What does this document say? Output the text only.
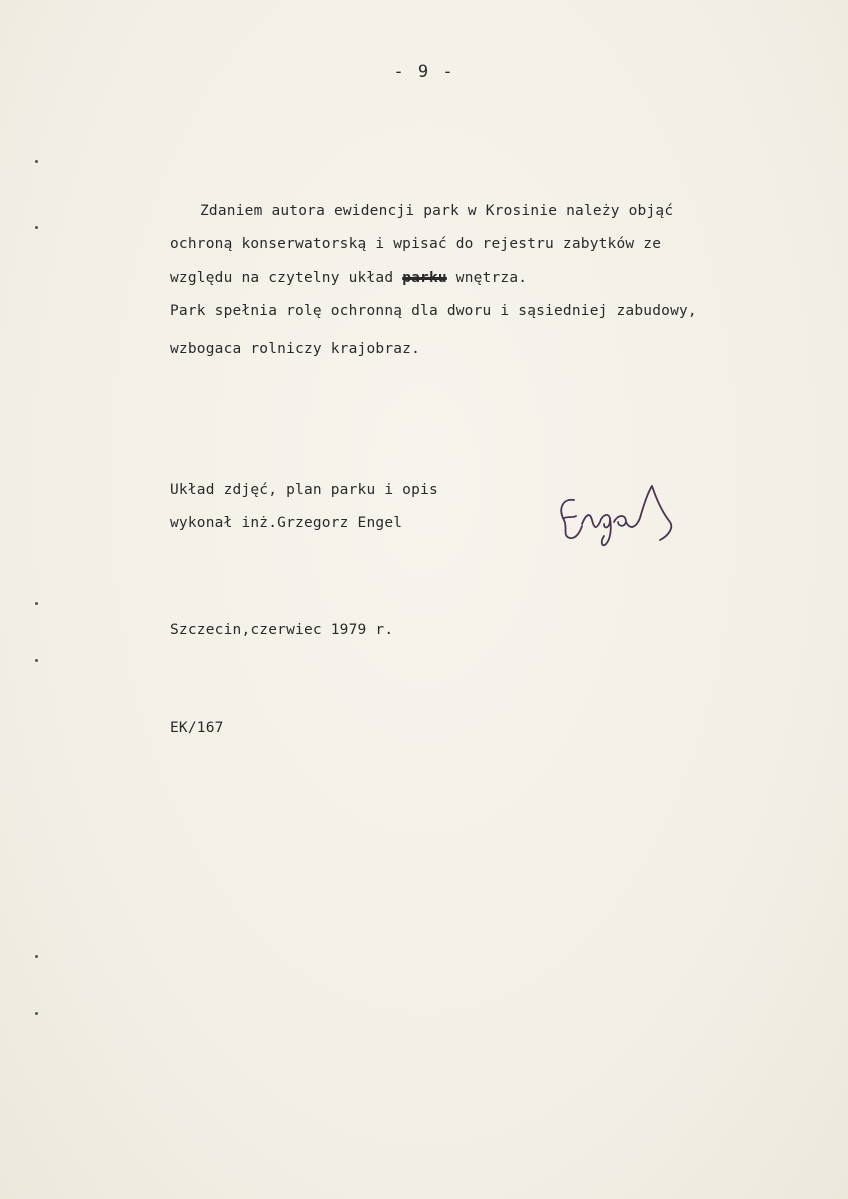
- 9 -
Zdaniem autora ewidencji park w Krosinie należy objąć
ochroną konserwatorską i wpisać do rejestru zabytków ze
względu na czytelny układ parku wnętrza.
Park spełnia rolę ochronną dla dworu i sąsiedniej zabudowy,
wzbogaca rolniczy krajobraz.
Układ zdjęć, plan parku i opis
wykonał inż.Grzegorz Engel
Szczecin,czerwiec 1979 r.
EK/167
